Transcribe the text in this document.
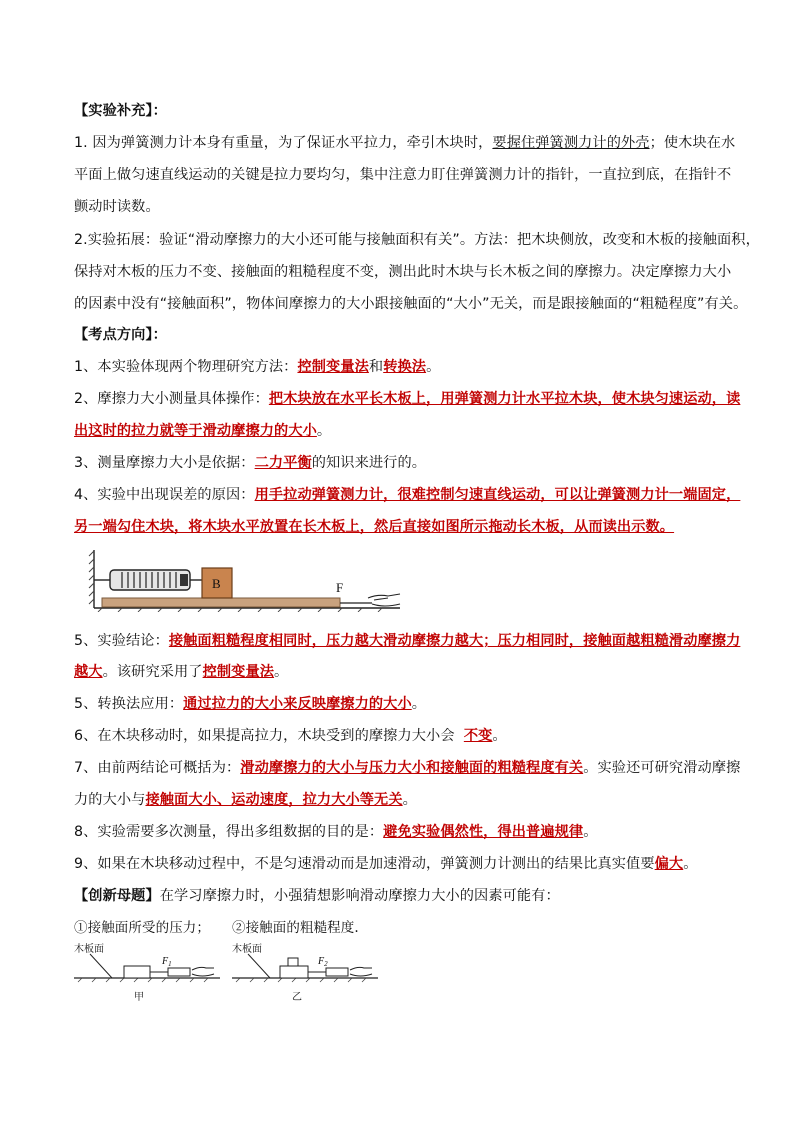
【实验补充】：
1. 因为弹簧测力计本身有重量，为了保证水平拉力，牵引木块时，要握住弹簧测力计的外壳；使木块在水
平面上做匀速直线运动的关键是拉力要均匀，集中注意力盯住弹簧测力计的指针，一直拉到底，在指针不
颤动时读数。
2.实验拓展：验证“滑动摩擦力的大小还可能与接触面积有关”。方法：把木块侧放，改变和木板的接触面积，
保持对木板的压力不变、接触面的粗糙程度不变，测出此时木块与长木板之间的摩擦力。决定摩擦力大小
的因素中没有“接触面积”，物体间摩擦力的大小跟接触面的“大小”无关，而是跟接触面的“粗糙程度”有关。
【考点方向】：
1、本实验体现两个物理研究方法：控制变量法和转换法。
2、摩擦力大小测量具体操作：把木块放在水平长木板上，用弹簧测力计水平拉木块，使木块匀速运动，读
出这时的拉力就等于滑动摩擦力的大小。
3、测量摩擦力大小是依据：二力平衡的知识来进行的。
4、实验中出现误差的原因：用手拉动弹簧测力计，很难控制匀速直线运动，可以让弹簧测力计一端固定，
另一端勾住木块，将木块水平放置在长木板上，然后直接如图所示拖动长木板，从而读出示数。
B	F
5、实验结论：接触面粗糙程度相同时，压力越大滑动摩擦力越大；压力相同时，接触面越粗糙滑动摩擦力
越大。该研究采用了控制变量法。
5、转换法应用：通过拉力的大小来反映摩擦力的大小。
6、在木块移动时，如果提高拉力，木块受到的摩擦力大小会 不变。
7、由前两结论可概括为：滑动摩擦力的大小与压力大小和接触面的粗糙程度有关。实验还可研究滑动摩擦
力的大小与接触面大小、运动速度，拉力大小等无关。
8、实验需要多次测量，得出多组数据的目的是：避免实验偶然性，得出普遍规律。
9、如果在木块移动过程中，不是匀速滑动而是加速滑动，弹簧测力计测出的结果比真实值要偏大。
【创新母题】在学习摩擦力时，小强猜想影响滑动摩擦力大小的因素可能有：
①接触面所受的压力； ②接触面的粗糙程度.
木板面
$F_1$
甲
木板面
$F_2$
乙
